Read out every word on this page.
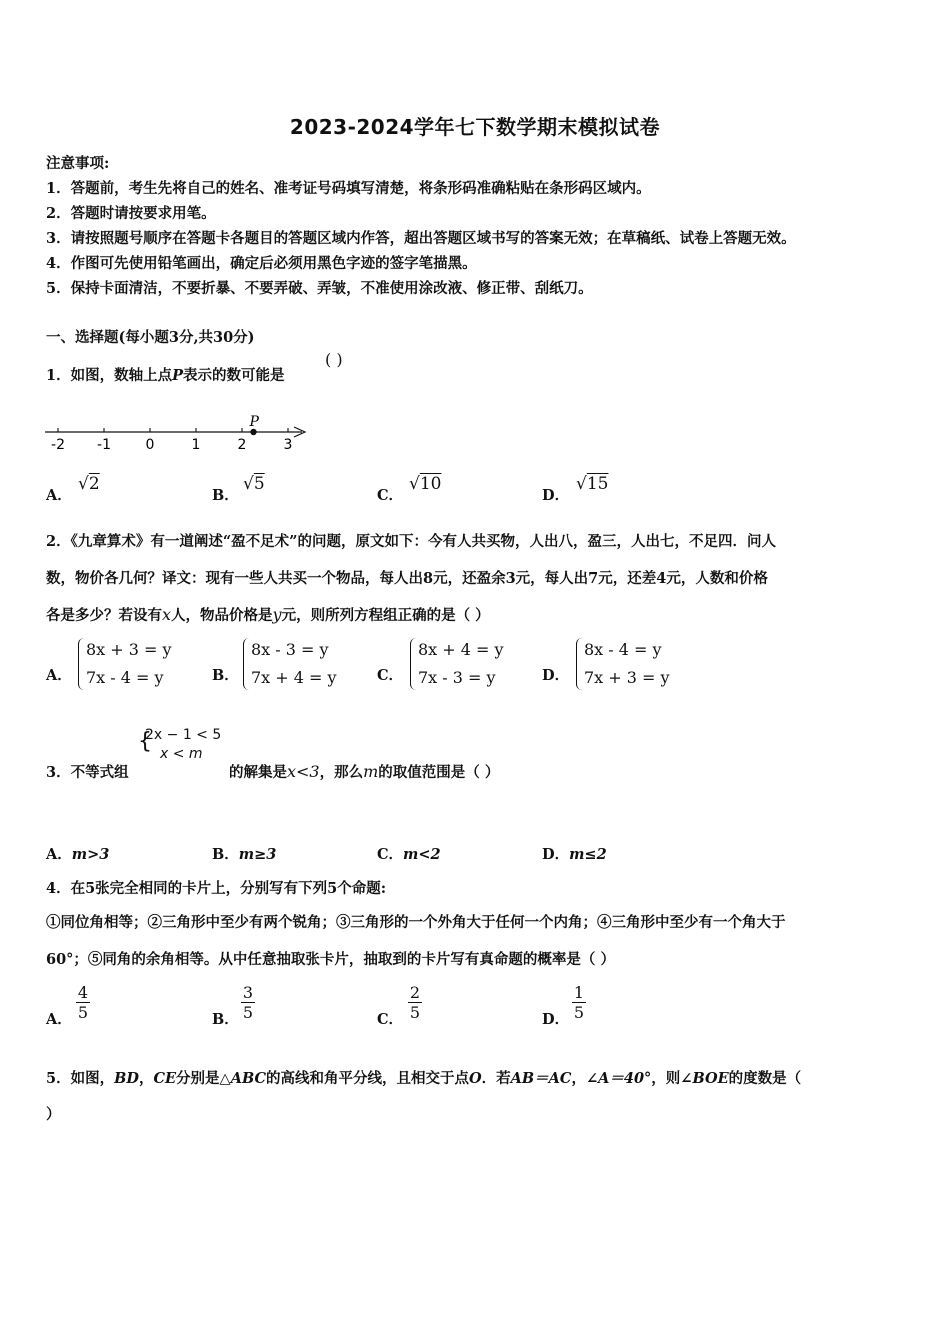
2023-2024学年七下数学期末模拟试卷
注意事项:
1．答题前，考生先将自己的姓名、准考证号码填写清楚，将条形码准确粘贴在条形码区域内。
2．答题时请按要求用笔。
3．请按照题号顺序在答题卡各题目的答题区域内作答，超出答题区域书写的答案无效；在草稿纸、试卷上答题无效。
4．作图可先使用铅笔画出，确定后必须用黑色字迹的签字笔描黑。
5．保持卡面清洁，不要折暴、不要弄破、弄皱，不准使用涂改液、修正带、刮纸刀。
一、选择题(每小题3分,共30分)
1．如图，数轴上点P表示的数可能是
( )
-2 -1 0	1	2	3
P
A．
√2
B．
√5
C．
√10
D．
√15
2．《九章算术》有一道阐述“盈不足术”的问题，原文如下：今有人共买物，人出八，盈三，人出七，不足四．问人
数，物价各几何？译文：现有一些人共买一个物品，每人出8元，还盈余3元，每人出7元，还差4元，人数和价格
各是多少？若设有x人，物品价格是y元，则所列方程组正确的是（ ）
A．
8x + 3 = y
7x - 4 = y	B．
8x - 3 = y
7x + 4 = y	C．
8x + 4 = y
7x - 3 = y	D．
8x - 4 = y
7x + 3 = y
3．不等式组
{
2x − 1 < 5
x < m
的解集是x<3，那么m的取值范围是（ ）
A．m>3	B．m≥3	C．m<2	D．m≤2
4．在5张完全相同的卡片上，分别写有下列5个命题:
①同位角相等；②三角形中至少有两个锐角；③三角形的一个外角大于任何一个内角；④三角形中至少有一个角大于
60°；⑤同角的余角相等。从中任意抽取张卡片，抽取到的卡片写有真命题的概率是（ ）
A． $\frac{4}{5}$	B． $\frac{3}{5}$	C． $\frac{2}{5}$	D． $\frac{1}{5}$
5．如图，BD，CE分别是△ABC的高线和角平分线，且相交于点O．若AB＝AC，∠A＝40°，则∠BOE的度数是（
）
